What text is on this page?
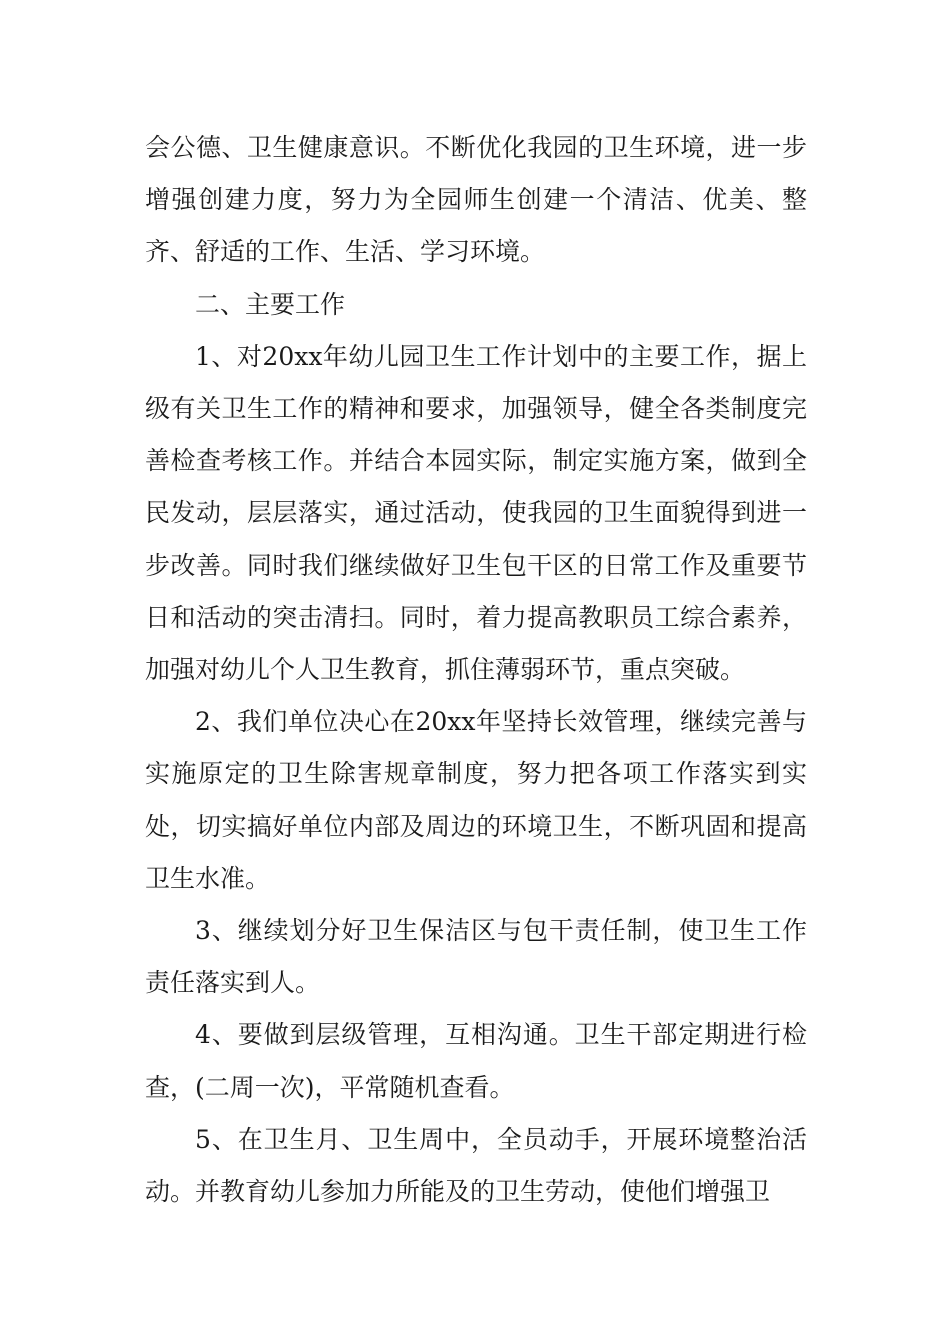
会公德、卫生健康意识。不断优化我园的卫生环境，进一步增强创建力度，努力为全园师生创建一个清洁、优美、整齐、舒适的工作、生活、学习环境。

二、主要工作

1、对20xx年幼儿园卫生工作计划中的主要工作，据上级有关卫生工作的精神和要求，加强领导，健全各类制度完善检查考核工作。并结合本园实际，制定实施方案，做到全民发动，层层落实，通过活动，使我园的卫生面貌得到进一步改善。同时我们继续做好卫生包干区的日常工作及重要节日和活动的突击清扫。同时，着力提高教职员工综合素养，加强对幼儿个人卫生教育，抓住薄弱环节，重点突破。

2、我们单位决心在20xx年坚持长效管理，继续完善与实施原定的卫生除害规章制度，努力把各项工作落实到实处，切实搞好单位内部及周边的环境卫生，不断巩固和提高卫生水准。

3、继续划分好卫生保洁区与包干责任制，使卫生工作责任落实到人。

4、要做到层级管理，互相沟通。卫生干部定期进行检查，(二周一次)，平常随机查看。

5、在卫生月、卫生周中，全员动手，开展环境整治活动。并教育幼儿参加力所能及的卫生劳动，使他们增强卫
